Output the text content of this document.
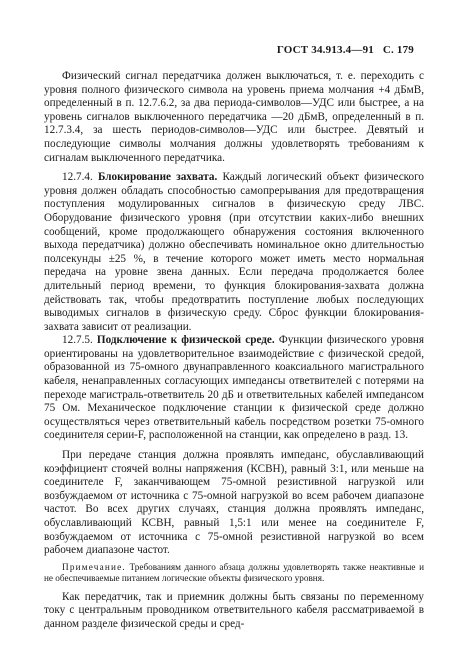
ГОСТ 34.913.4—91 С. 179

Физический сигнал передатчика должен выключаться, т. е. переходить с уровня полного физического символа на уровень приема молчания +4 дБмВ, определенный в п. 12.7.6.2, за два периода-символов—УДС или быстрее, а на уровень сигналов выключенного передатчика —20 дБмВ, определенный в п. 12.7.3.4, за шесть периодов-символов—УДС или быстрее. Девятый и последующие символы молчания должны удовлетворять требованиям к сигналам выключенного передатчика.

12.7.4. Блокирование захвата. Каждый логический объект физического уровня должен обладать способностью самопрерывания для предотвращения поступления модулированных сигналов в физическую среду ЛВС. Оборудование физического уровня (при отсутствии каких-либо внешних сообщений, кроме продолжающего обнаружения состояния включенного выхода передатчика) должно обеспечивать номинальное окно длительностью полсекунды ±25 %, в течение которого может иметь место нормальная передача на уровне звена данных. Если передача продолжается более длительный период времени, то функция блокирования-захвата должна действовать так, чтобы предотвратить поступление любых последующих выводимых сигналов в физическую среду. Сброс функции блокирования-захвата зависит от реализации.

12.7.5. Подключение к физической среде. Функции физического уровня ориентированы на удовлетворительное взаимодействие с физической средой, образованной из 75-омного двунаправленного коаксиального магистрального кабеля, ненаправленных согласующих импедансы ответвителей с потерями на переходе магистраль-ответвитель 20 дБ и ответвительных кабелей импедансом 75 Ом. Механическое подключение станции к физической среде должно осуществляться через ответвительный кабель посредством розетки 75-омного соединителя серии-F, расположенной на станции, как определено в разд. 13.

При передаче станция должна проявлять импеданс, обуславливающий коэффициент стоячей волны напряжения (КСВН), равный 3:1, или меньше на соединителе F, заканчивающем 75-омной резистивной нагрузкой или возбуждаемом от источника с 75-омной нагрузкой во всем рабочем диапазоне частот. Во всех других случаях, станция должна проявлять импеданс, обуславливающий КСВН, равный 1,5:1 или менее на соединителе F, возбуждаемом от источника с 75-омной резистивной нагрузкой во всем рабочем диапазоне частот.

Примечание. Требованиям данного абзаца должны удовлетворять также неактивные и не обеспечиваемые питанием логические объекты физического уровня.

Как передатчик, так и приемник должны быть связаны по переменному току с центральным проводником ответвительного кабеля рассматриваемой в данном разделе физической среды и сред-
